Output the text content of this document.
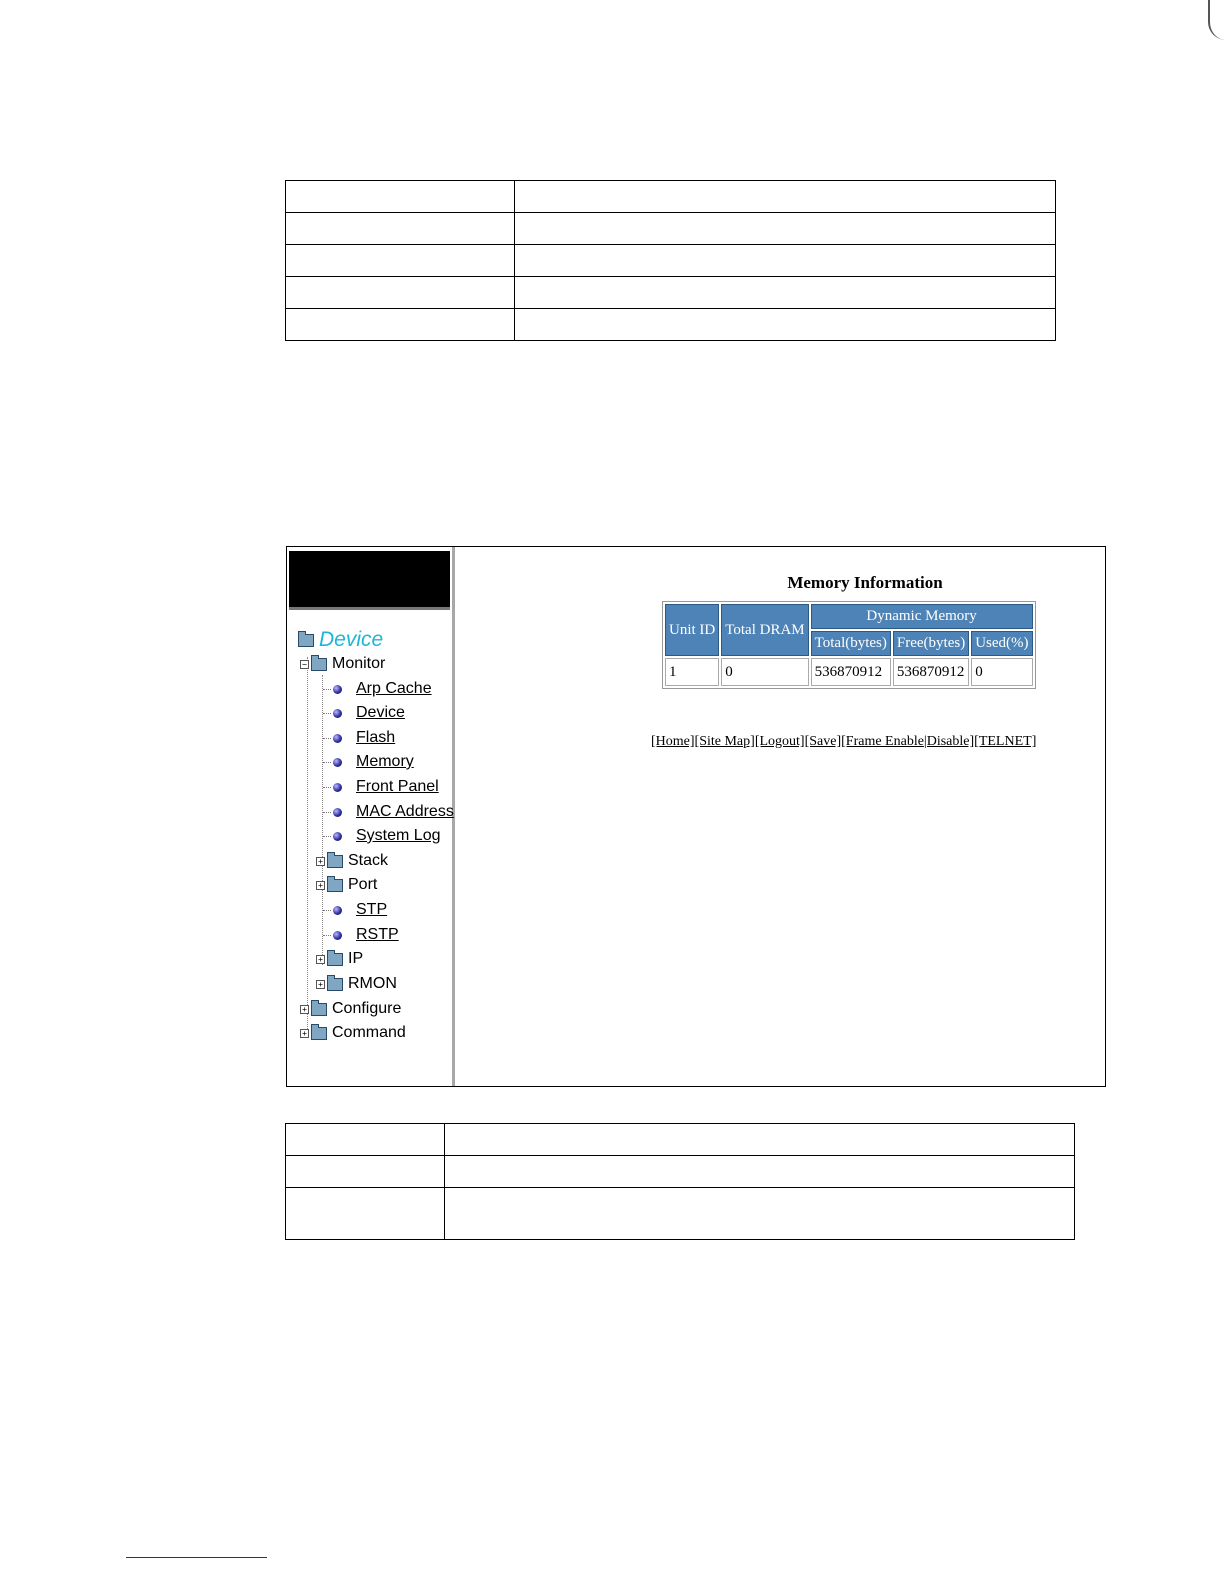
Device
− Monitor
Arp Cache
Device
Flash
Memory
Front Panel
MAC Address
System Log
+ Stack
+ Port
STP
RSTP
+ IP
+ RMON
+ Configure
+ Command
Memory Information
Unit ID	Total DRAM	Dynamic Memory		
		Total(bytes)	Free(bytes)	Used(%)
1	0	536870912	536870912	0
[Home][Site Map][Logout][Save][Frame Enable|Disable][TELNET]
